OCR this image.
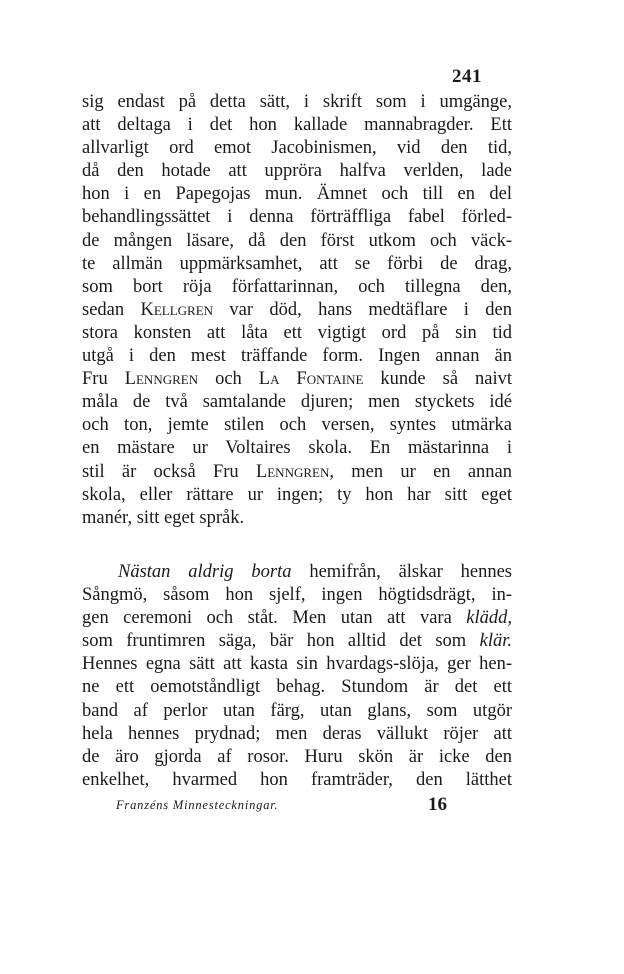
241
sig endast på detta sätt, i skrift som i umgänge,
att deltaga i det hon kallade mannabragder. Ett
allvarligt ord emot Jacobinismen, vid den tid,
då den hotade att uppröra halfva verlden, lade
hon i en Papegojas mun. Ämnet och till en del
behandlingssättet i denna förträffliga fabel förled-
de mången läsare, då den först utkom och väck-
te allmän uppmärksamhet, att se förbi de drag,
som bort röja författarinnan, och tillegna den,
sedan Kellgren var död, hans medtäflare i den
stora konsten att låta ett vigtigt ord på sin tid
utgå i den mest träffande form. Ingen annan än
Fru Lenngren och La Fontaine kunde så naivt
måla de två samtalande djuren; men styckets idé
och ton, jemte stilen och versen, syntes utmärka
en mästare ur Voltaires skola. En mästarinna i
stil är också Fru Lenngren, men ur en annan
skola, eller rättare ur ingen; ty hon har sitt eget
manér, sitt eget språk.
Nästan aldrig borta hemifrån, älskar hennes
Sångmö, såsom hon sjelf, ingen högtidsdrägt, in-
gen ceremoni och ståt. Men utan att vara klädd,
som fruntimren säga, bär hon alltid det som klär.
Hennes egna sätt att kasta sin hvardags-slöja, ger hen-
ne ett oemotståndligt behag. Stundom är det ett
band af perlor utan färg, utan glans, som utgör
hela hennes prydnad; men deras vällukt röjer att
de äro gjorda af rosor. Huru skön är icke den
enkelhet, hvarmed hon framträder, den lätthet
Franzéns Minnesteckningar.	16
